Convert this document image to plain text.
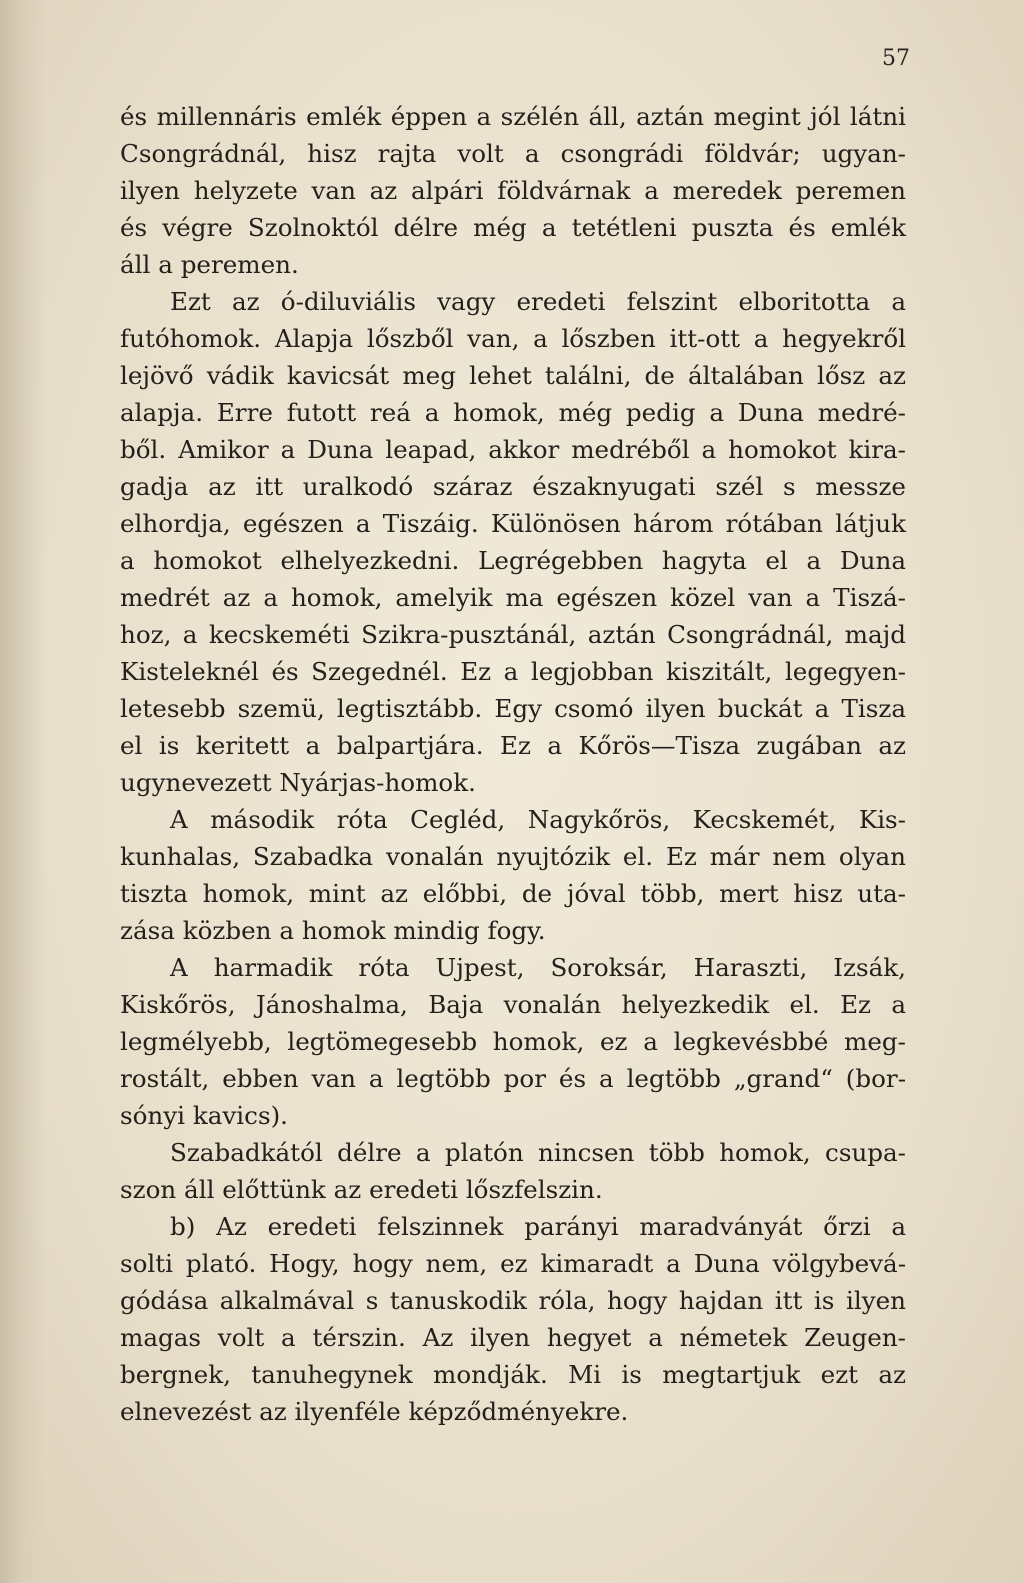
57
és millennáris emlék éppen a szélén áll, aztán megint jól látni
Csongrádnál, hisz rajta volt a csongrádi földvár; ugyan-
ilyen helyzete van az alpári földvárnak a meredek peremen
és végre Szolnoktól délre még a tetétleni puszta és emlék
áll a peremen.
Ezt az ó-diluviális vagy eredeti felszint elboritotta a
futóhomok. Alapja lőszből van, a lőszben itt-ott a hegyekről
lejövő vádik kavicsát meg lehet találni, de általában lősz az
alapja. Erre futott reá a homok, még pedig a Duna medré-
ből. Amikor a Duna leapad, akkor medréből a homokot kira-
gadja az itt uralkodó száraz északnyugati szél s messze
elhordja, egészen a Tiszáig. Különösen három rótában látjuk
a homokot elhelyezkedni. Legrégebben hagyta el a Duna
medrét az a homok, amelyik ma egészen közel van a Tiszá-
hoz, a kecskeméti Szikra-pusztánál, aztán Csongrádnál, majd
Kisteleknél és Szegednél. Ez a legjobban kiszitált, legegyen-
letesebb szemü, legtisztább. Egy csomó ilyen buckát a Tisza
el is keritett a balpartjára. Ez a Kőrös—Tisza zugában az
ugynevezett Nyárjas-homok.
A második róta Cegléd, Nagykőrös, Kecskemét, Kis-
kunhalas, Szabadka vonalán nyujtózik el. Ez már nem olyan
tiszta homok, mint az előbbi, de jóval több, mert hisz uta-
zása közben a homok mindig fogy.
A harmadik róta Ujpest, Soroksár, Haraszti, Izsák,
Kiskőrös, Jánoshalma, Baja vonalán helyezkedik el. Ez a
legmélyebb, legtömegesebb homok, ez a legkevésbbé meg-
rostált, ebben van a legtöbb por és a legtöbb „grand“ (bor-
sónyi kavics).
Szabadkától délre a platón nincsen több homok, csupa-
szon áll előttünk az eredeti lőszfelszin.
b) Az eredeti felszinnek parányi maradványát őrzi a
solti plató. Hogy, hogy nem, ez kimaradt a Duna völgybevá-
gódása alkalmával s tanuskodik róla, hogy hajdan itt is ilyen
magas volt a térszin. Az ilyen hegyet a németek Zeugen-
bergnek, tanuhegynek mondják. Mi is megtartjuk ezt az
elnevezést az ilyenféle képződményekre.
